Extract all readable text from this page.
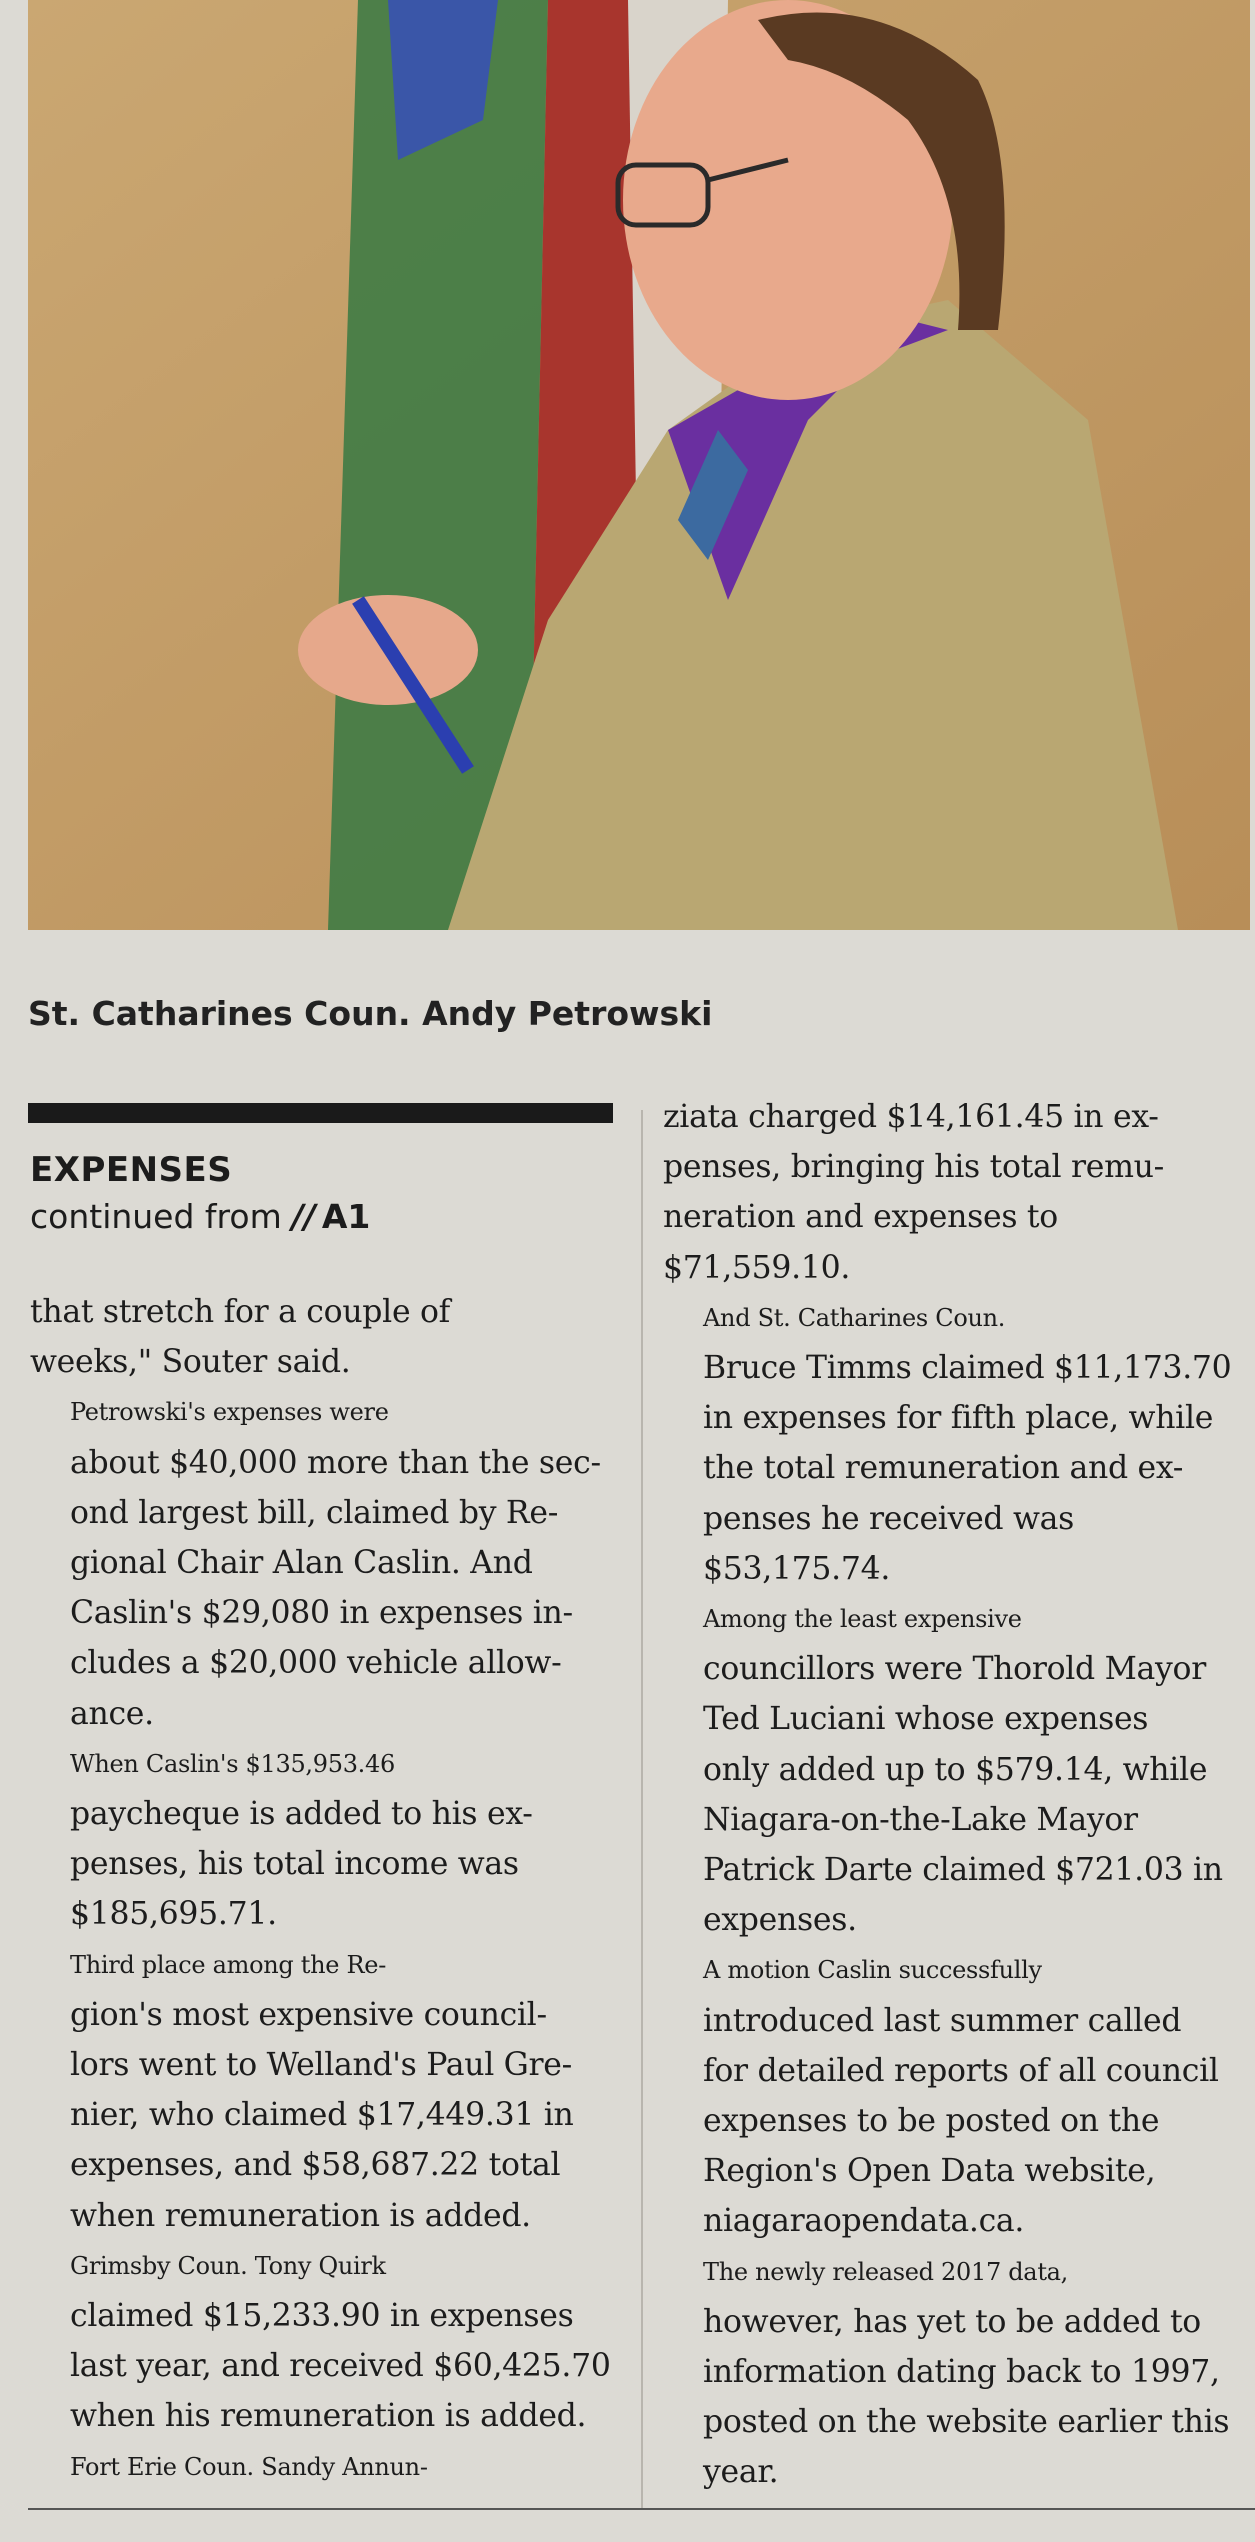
St. Catharines Coun. Andy Petrowski
EXPENSES
continued from // A1

that stretch for a couple of
weeks," Souter said.

Petrowski's expenses were
about $40,000 more than the sec-
ond largest bill, claimed by Re-
gional Chair Alan Caslin. And
Caslin's $29,080 in expenses in-
cludes a $20,000 vehicle allow-
ance.

When Caslin's $135,953.46
paycheque is added to his ex-
penses, his total income was
$185,695.71.

Third place among the Re-
gion's most expensive council-
lors went to Welland's Paul Gre-
nier, who claimed $17,449.31 in
expenses, and $58,687.22 total
when remuneration is added.

Grimsby Coun. Tony Quirk
claimed $15,233.90 in expenses
last year, and received $60,425.70
when his remuneration is added.

Fort Erie Coun. Sandy Annun-

ziata charged $14,161.45 in ex-
penses, bringing his total remu-
neration and expenses to
$71,559.10.

And St. Catharines Coun.
Bruce Timms claimed $11,173.70
in expenses for fifth place, while
the total remuneration and ex-
penses he received was
$53,175.74.

Among the least expensive
councillors were Thorold Mayor
Ted Luciani whose expenses
only added up to $579.14, while
Niagara-on-the-Lake Mayor
Patrick Darte claimed $721.03 in
expenses.

A motion Caslin successfully
introduced last summer called
for detailed reports of all council
expenses to be posted on the
Region's Open Data website,
niagaraopendata.ca.

The newly released 2017 data,
however, has yet to be added to
information dating back to 1997,
posted on the website earlier this
year.
